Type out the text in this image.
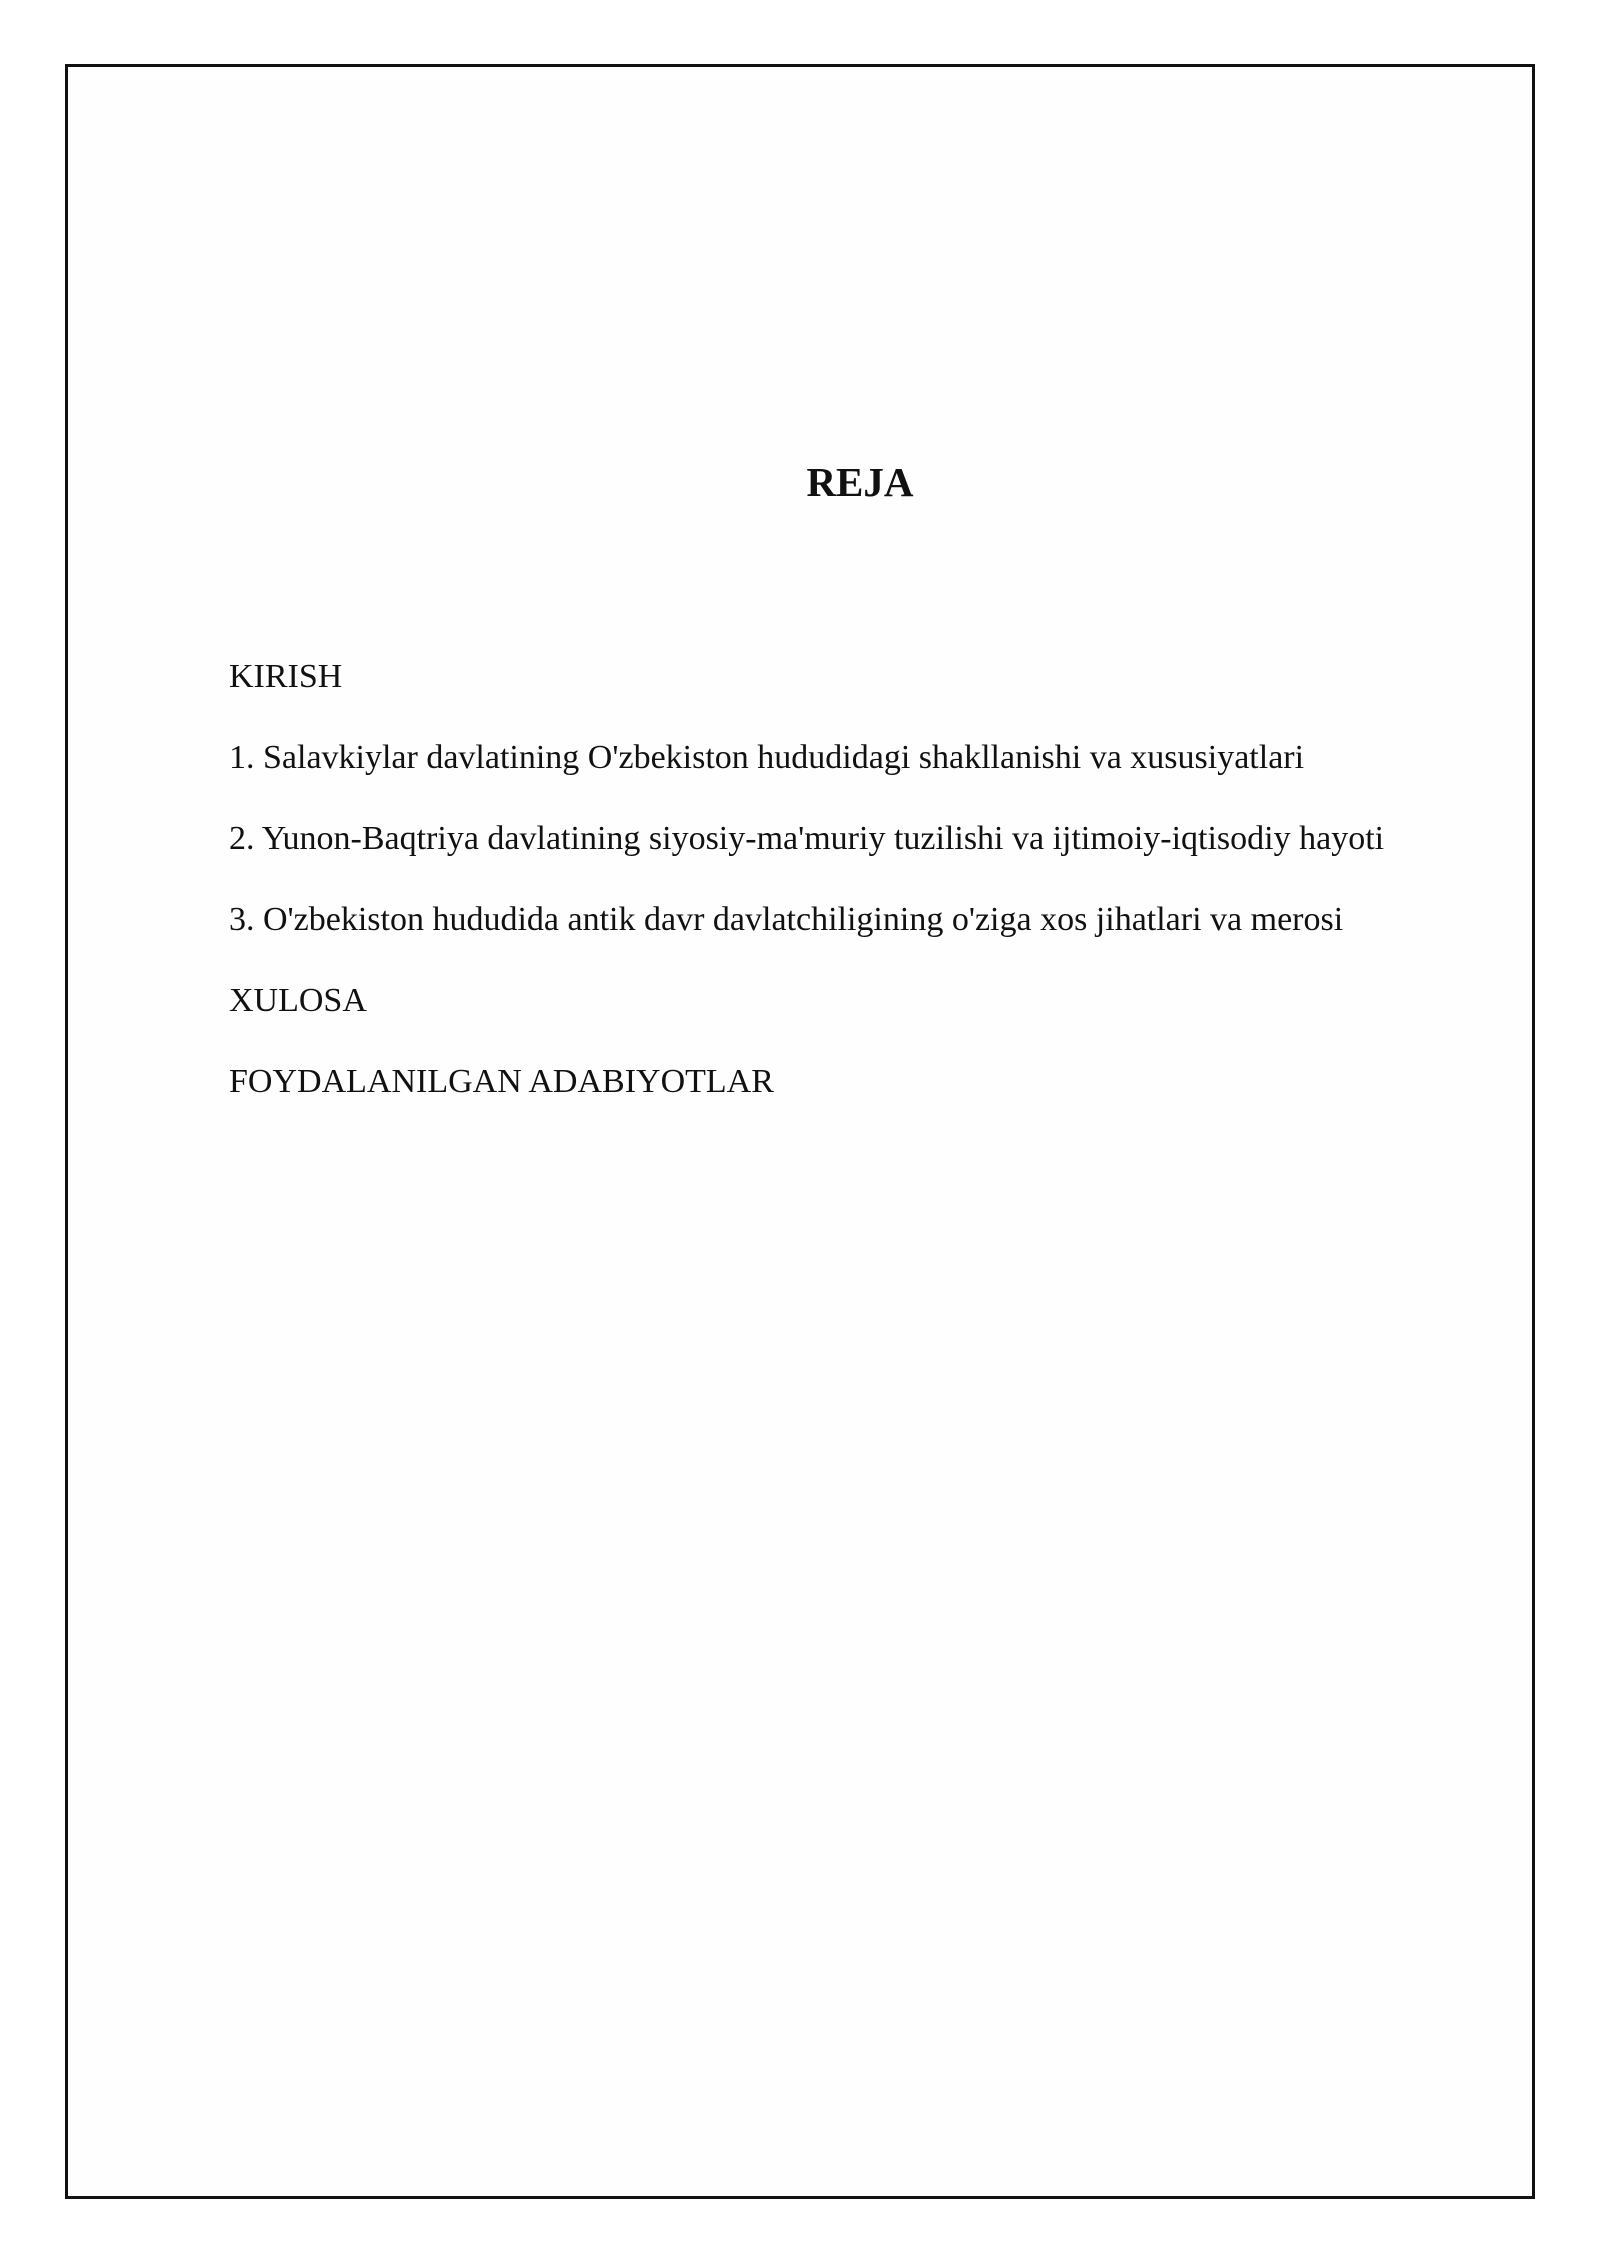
REJA
KIRISH
1. Salavkiylar davlatining O'zbekiston hududidagi shakllanishi va xususiyatlari
2. Yunon-Baqtriya davlatining siyosiy-ma'muriy tuzilishi va ijtimoiy-iqtisodiy hayoti
3. O'zbekiston hududida antik davr davlatchiligining o'ziga xos jihatlari va merosi
XULOSA
FOYDALANILGAN ADABIYOTLAR
